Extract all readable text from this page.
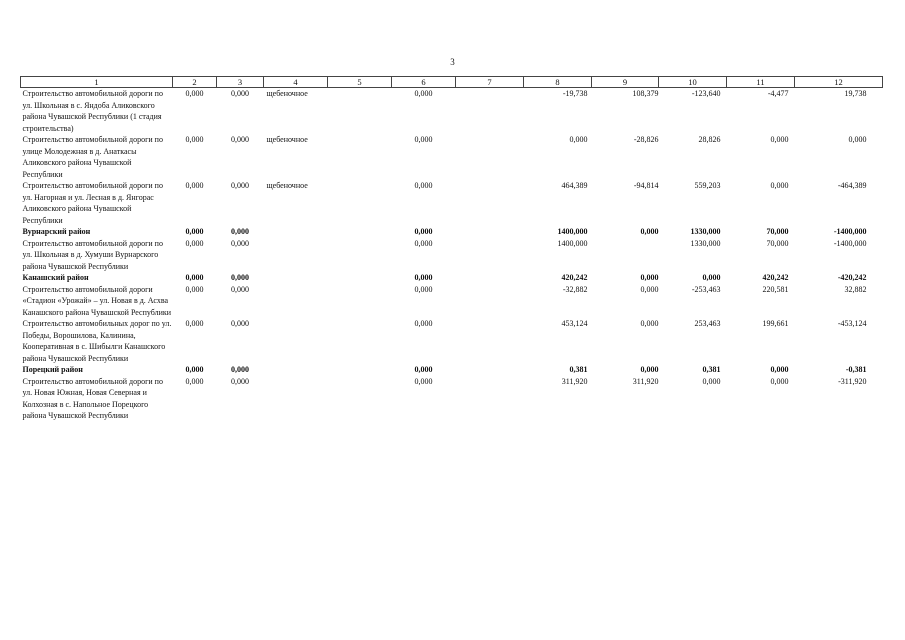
3
1	2	3	4	5	6	7	8	9	10	11	12
Строительство автомобильной дороги по ул. Школьная в с. Яндоба Аликовского района Чувашской Республики (1 стадия строительства)	0,000	0,000	щебеночное		0,000		-19,738	108,379	-123,640	-4,477	19,738
Строительство автомобильной дороги по улице Молодежная в д. Анаткасы Аликовского района Чувашской Республики	0,000	0,000	щебеночное		0,000		0,000	-28,826	28,826	0,000	0,000
Строительство автомобильной дороги по ул. Нагорная и ул. Лесная в д. Янгорас Аликовского района Чувашской Республики	0,000	0,000	щебеночное		0,000		464,389	-94,814	559,203	0,000	-464,389
Вурнарский район	0,000	0,000			0,000		1400,000	0,000	1330,000	70,000	-1400,000
Строительство автомобильной дороги по ул. Школьная в д. Хумуши Вурнарского района Чувашской Республики	0,000	0,000			0,000		1400,000		1330,000	70,000	-1400,000
Канашский район	0,000	0,000			0,000		420,242	0,000	0,000	420,242	-420,242
Строительство автомобильной дороги «Стадион «Урожай» – ул. Новая в д. Асхва Канашского района Чувашской Республики	0,000	0,000			0,000		-32,882	0,000	-253,463	220,581	32,882
Строительство автомобильных дорог по ул. Победы, Ворошилова, Калинина, Кооперативная в с. Шибылги Канашского района Чувашской Республики	0,000	0,000			0,000		453,124	0,000	253,463	199,661	-453,124
Порецкий район	0,000	0,000			0,000		0,381	0,000	0,381	0,000	-0,381
Строительство автомобильной дороги по ул. Новая Южная, Новая Северная и Колхозная в с. Напольное Порецкого района Чувашской Республики	0,000	0,000			0,000		311,920	311,920	0,000	0,000	-311,920
